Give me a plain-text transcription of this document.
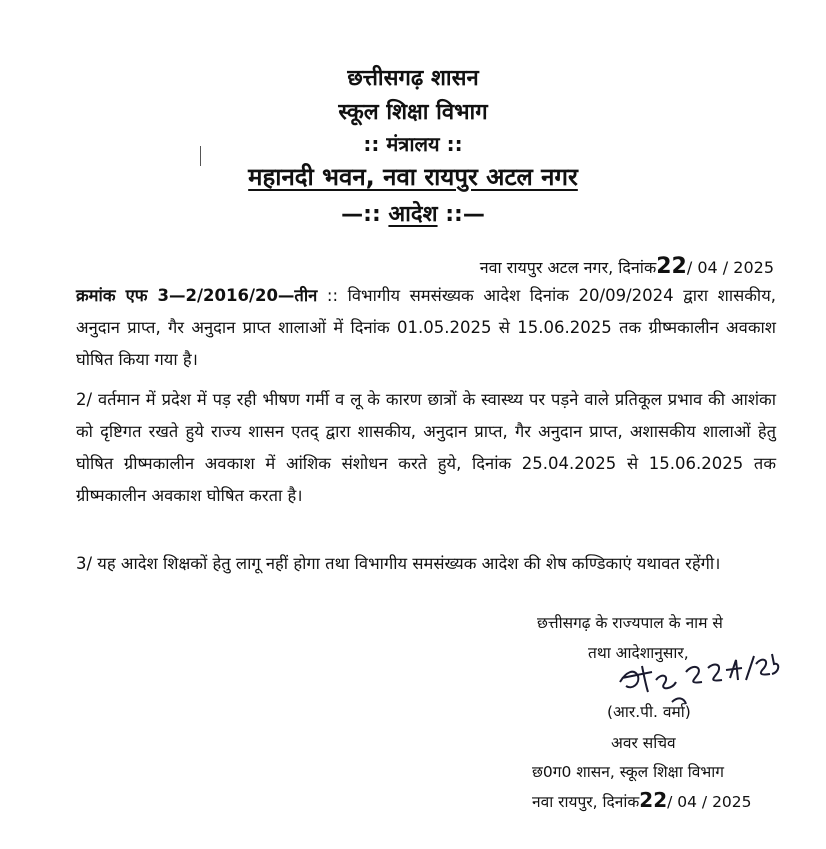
छत्तीसगढ़ शासन
स्कूल शिक्षा विभाग
:: मंत्रालय ::
महानदी भवन, नवा रायपुर अटल नगर
—:: आदेश ::—
नवा रायपुर अटल नगर, दिनांक22/ 04 / 2025
क्रमांक एफ 3—2/2016/20—तीन :: विभागीय समसंख्यक आदेश दिनांक 20/09/2024 द्वारा शासकीय, अनुदान प्राप्त, गैर अनुदान प्राप्त शालाओं में दिनांक 01.05.2025 से 15.06.2025 तक ग्रीष्मकालीन अवकाश घोषित किया गया है।
2/ वर्तमान में प्रदेश में पड़ रही भीषण गर्मी व लू के कारण छात्रों के स्वास्थ्य पर पड़ने वाले प्रतिकूल प्रभाव की आशंका को दृष्टिगत रखते हुये राज्य शासन एतद् द्वारा शासकीय, अनुदान प्राप्त, गैर अनुदान प्राप्त, अशासकीय शालाओं हेतु घोषित ग्रीष्मकालीन अवकाश में आंशिक संशोधन करते हुये, दिनांक 25.04.2025 से 15.06.2025 तक ग्रीष्मकालीन अवकाश घोषित करता है।
3/ यह आदेश शिक्षकों हेतु लागू नहीं होगा तथा विभागीय समसंख्यक आदेश की शेष कण्डिकाएं यथावत रहेंगी।
छत्तीसगढ़ के राज्यपाल के नाम से
तथा आदेशानुसार,
(आर.पी. वर्मा)
अवर सचिव
छ0ग0 शासन, स्कूल शिक्षा विभाग
नवा रायपुर, दिनांक22/ 04 / 2025
